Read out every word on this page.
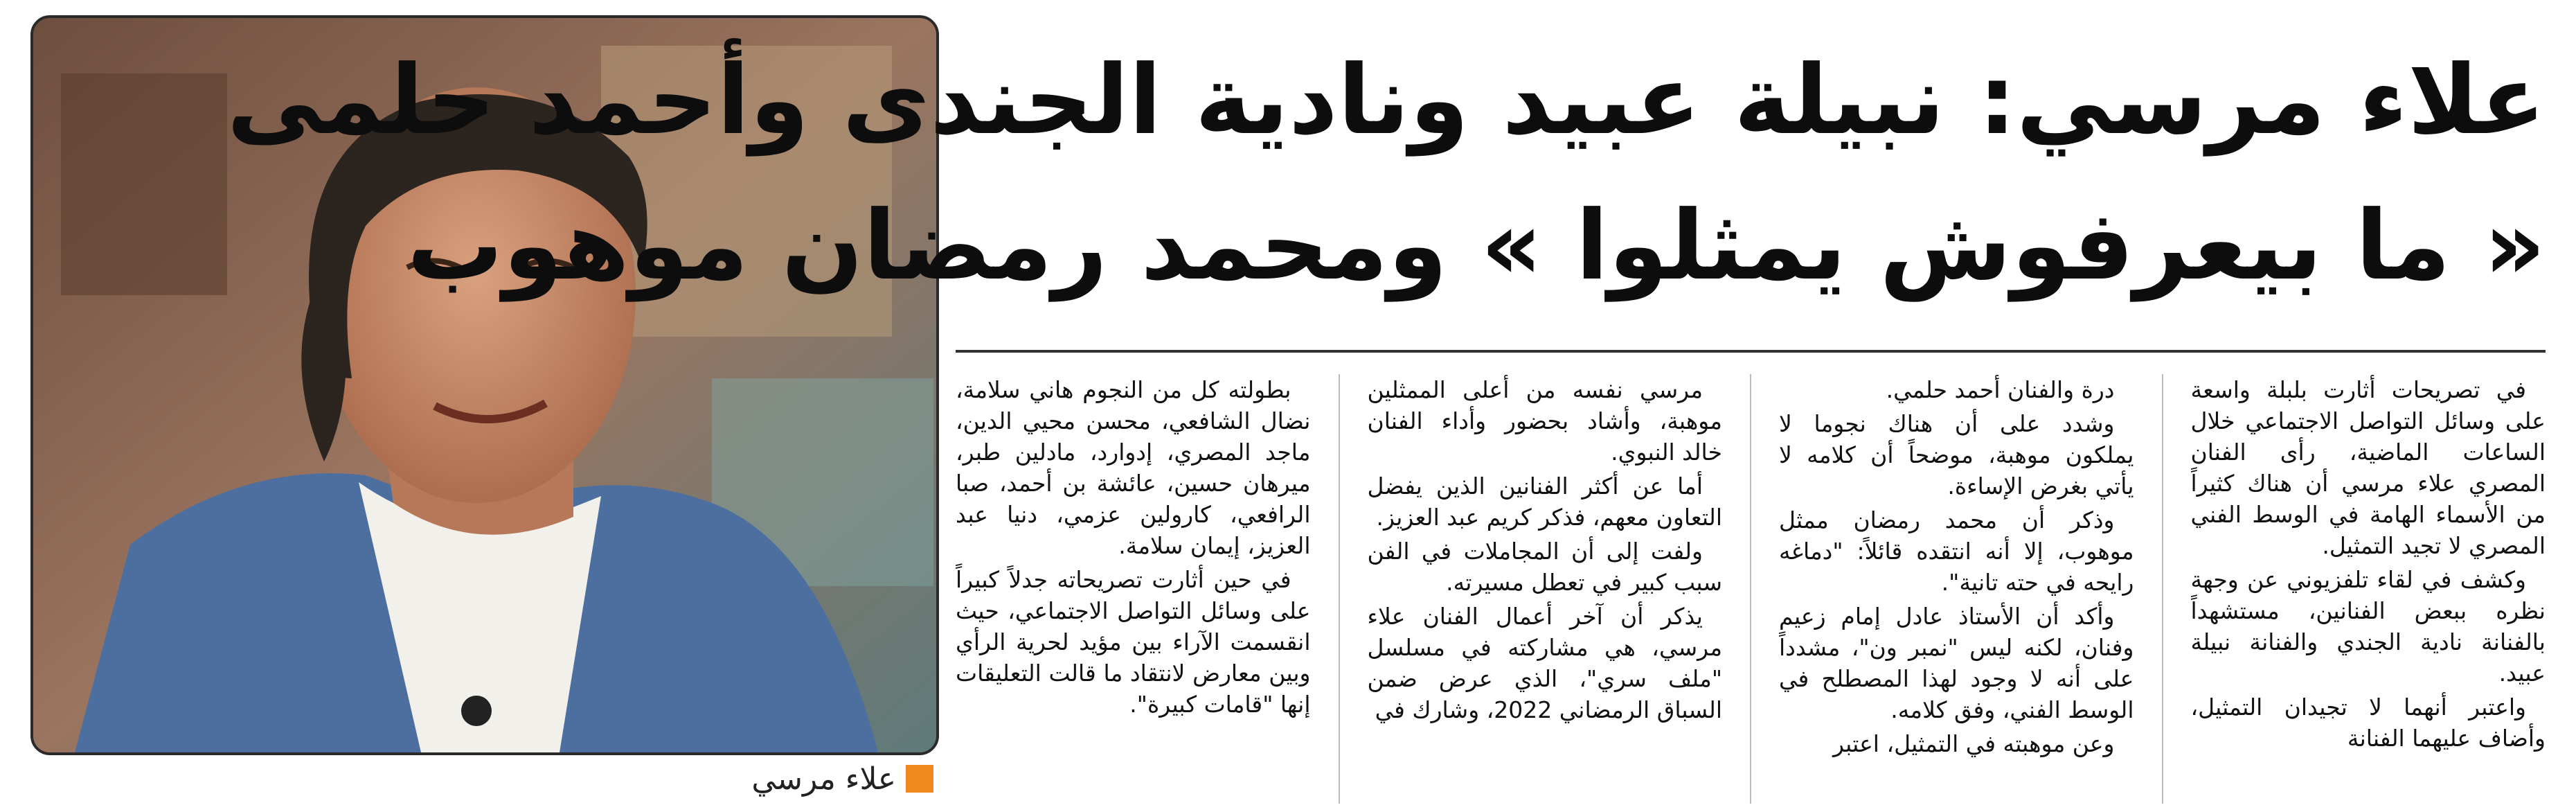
علاء مرسي
علاء مرسي: نبيلة عبيد ونادية الجندى وأحمد حلمى
« ما بيعرفوش يمثلوا » ومحمد رمضان موهوب

في تصريحات أثارت بلبلة واسعة على وسائل التواصل الاجتماعي خلال الساعات الماضية، رأى الفنان المصري علاء مرسي أن هناك كثيراً من الأسماء الهامة في الوسط الفني المصري لا تجيد التمثيل.

وكشف في لقاء تلفزيوني عن وجهة نظره ببعض الفنانين، مستشهداً بالفنانة نادية الجندي والفنانة نبيلة عبيد.

واعتبر أنهما لا تجيدان التمثيل، وأضاف عليهما الفنانة

درة والفنان أحمد حلمي.

وشدد على أن هناك نجوما لا يملكون موهبة، موضحاً أن كلامه لا يأتي بغرض الإساءة.

وذكر أن محمد رمضان ممثل موهوب، إلا أنه انتقده قائلاً: "دماغه رايحه في حته تانية".

وأكد أن الأستاذ عادل إمام زعيم وفنان، لكنه ليس "نمبر ون"، مشدداً على أنه لا وجود لهذا المصطلح في الوسط الفني، وفق كلامه.

وعن موهبته في التمثيل، اعتبر

مرسي نفسه من أعلى الممثلين موهبة، وأشاد بحضور وأداء الفنان خالد النبوي.

أما عن أكثر الفنانين الذين يفضل التعاون معهم، فذكر كريم عبد العزيز.

ولفت إلى أن المجاملات في الفن سبب كبير في تعطل مسيرته.

يذكر أن آخر أعمال الفنان علاء مرسي، هي مشاركته في مسلسل "ملف سري"، الذي عرض ضمن السباق الرمضاني 2022، وشارك في

بطولته كل من النجوم هاني سلامة، نضال الشافعي، محسن محيي الدين، ماجد المصري، إدوارد، مادلين طبر، ميرهان حسين، عائشة بن أحمد، صبا الرافعي، كارولين عزمي، دنيا عبد العزيز، إيمان سلامة.

في حين أثارت تصريحاته جدلاً كبيراً على وسائل التواصل الاجتماعي، حيث انقسمت الآراء بين مؤيد لحرية الرأي وبين معارض لانتقاد ما قالت التعليقات إنها "قامات كبيرة".
